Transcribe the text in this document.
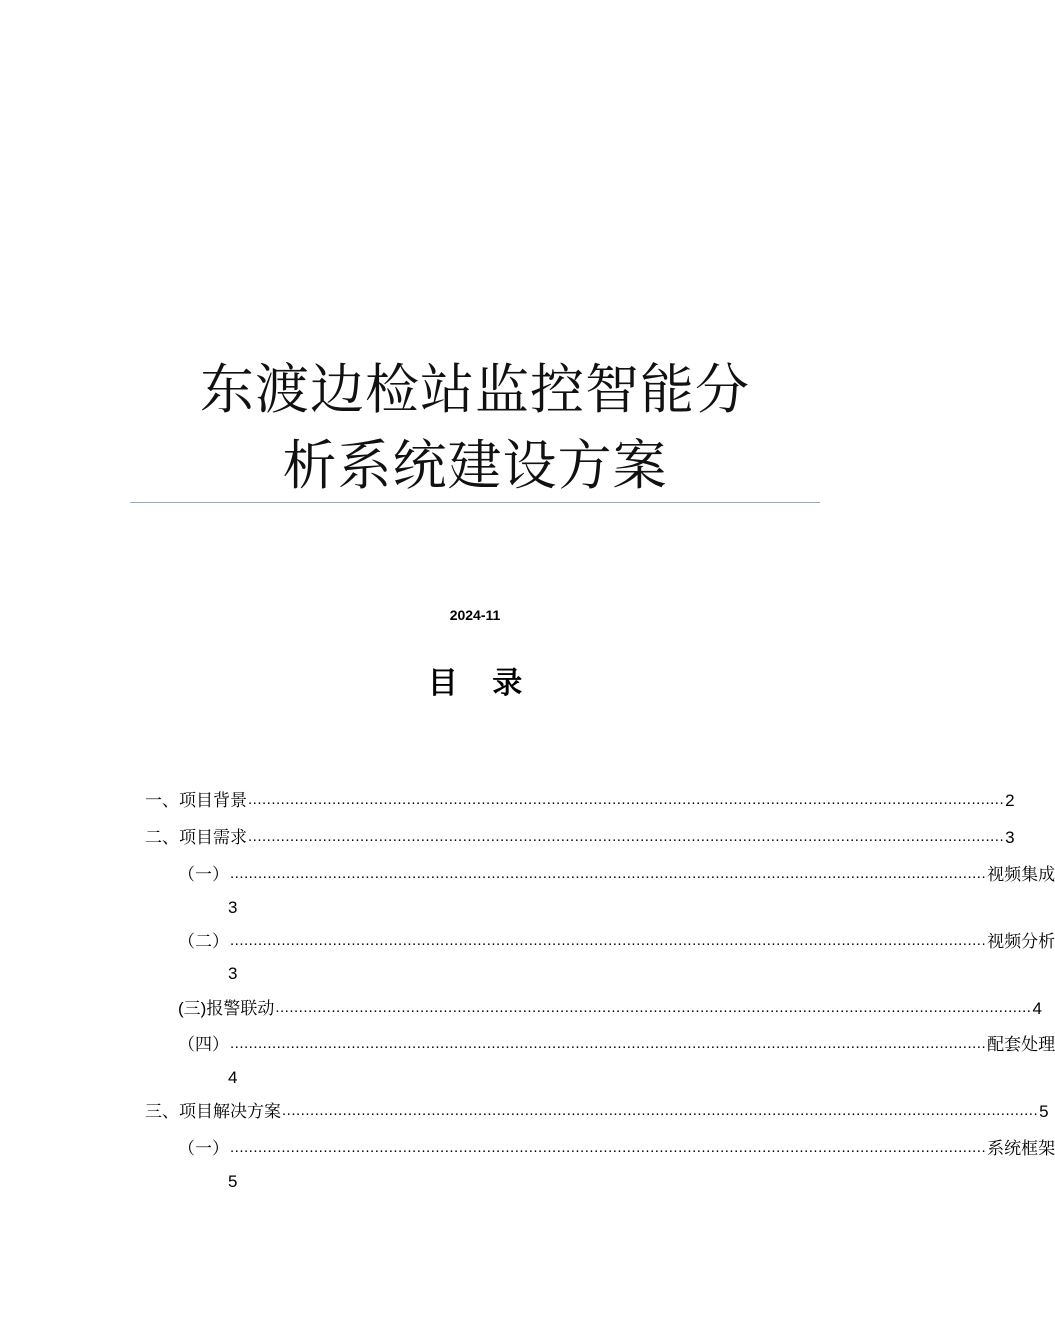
东渡边检站监控智能分
析系统建设方案
2024-11
目 录
一、 项目背景 .................................................................................................................................................................. 2
二、 项目需求 .................................................................................................................................................................. 3
（一） .................................................................................................................................................................. 视频集成
3
（二） .................................................................................................................................................................. 视频分析
3
(三) 报警联动 .................................................................................................................................................................. 4
（四） .................................................................................................................................................................. 配套处理
4
三、 项目解决方案 .................................................................................................................................................................. 5
（一） .................................................................................................................................................................. 系统框架
5
